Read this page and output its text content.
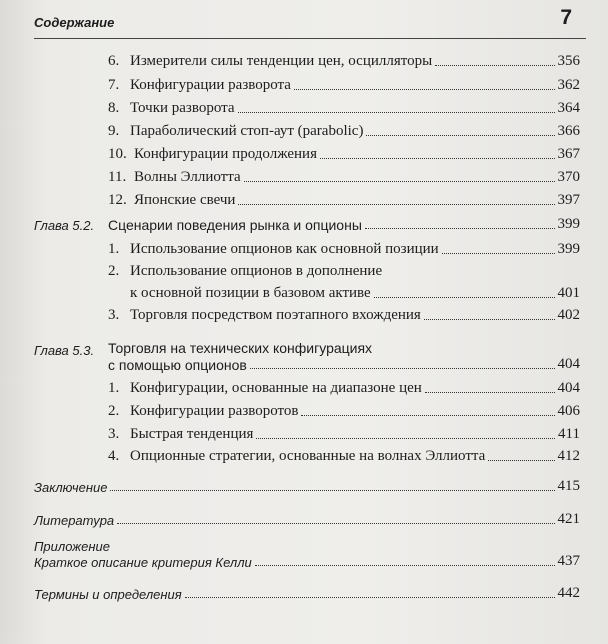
Содержание	7
6. Измерители силы тенденции цен, осцилляторы	356
7. Конфигурации разворота	362
8. Точки разворота	364
9. Параболический стоп-аут (parabolic)	366
10. Конфигурации продолжения	367
11. Волны Эллиотта	370
12. Японские свечи	397
Глава 5.2. Сценарии поведения рынка и опционы	399
1. Использование опционов как основной позиции	399
2. Использование опционов в дополнение
к основной позиции в базовом активе	401
3. Торговля посредством поэтапного вхождения	402
Глава 5.3. Торговля на технических конфигурациях
с помощью опционов	404
1. Конфигурации, основанные на диапазоне цен	404
2. Конфигурации разворотов	406
3. Быстрая тенденция	411
4. Опционные стратегии, основанные на волнах Эллиотта	412
Заключение	415
Литература	421
Приложение
Краткое описание критерия Келли	437
Термины и определения	442
